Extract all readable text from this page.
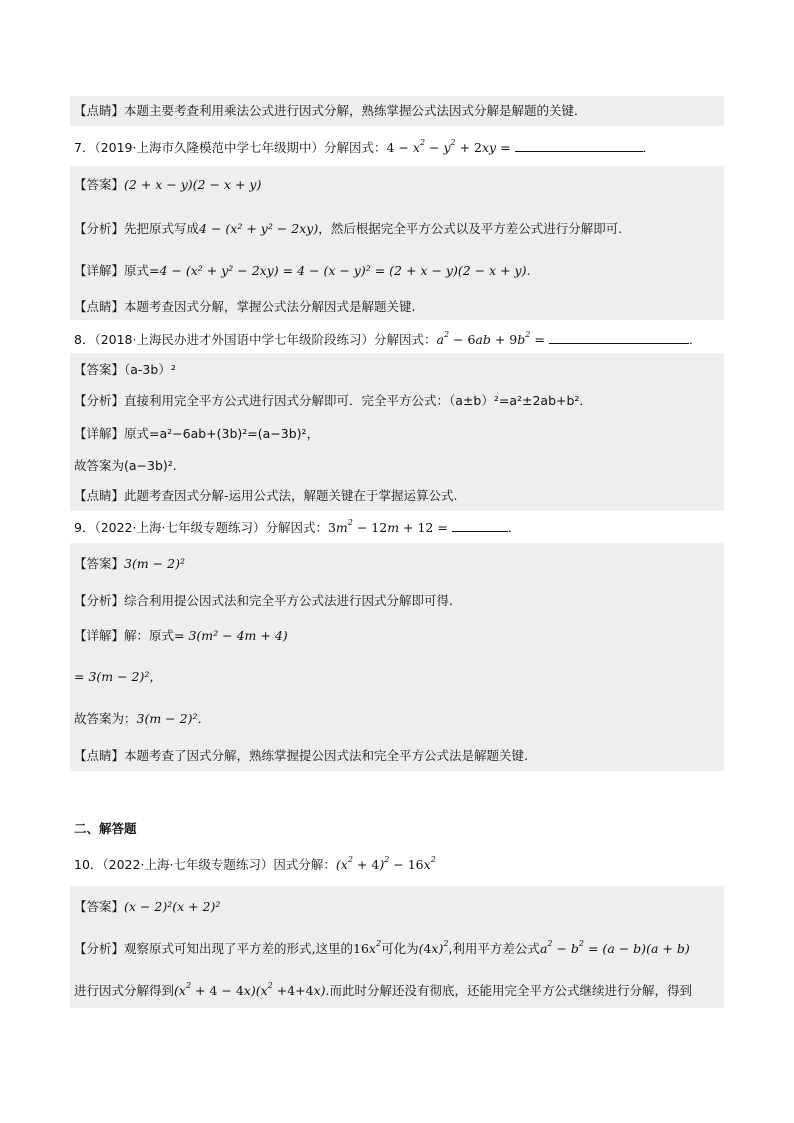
【点睛】本题主要考查利用乘法公式进行因式分解，熟练掌握公式法因式分解是解题的关键．
7．（2019·上海市久隆模范中学七年级期中）分解因式：$4 - x^2 - y^2 + 2xy$ =	．
【答案】(2 + x − y)(2 − x + y)
【分析】先把原式写成4 − (x² + y² − 2xy)，然后根据完全平方公式以及平方差公式进行分解即可.
【详解】原式=4 − (x² + y² − 2xy) = 4 − (x − y)² = (2 + x − y)(2 − x + y).
【点睛】本题考查因式分解，掌握公式法分解因式是解题关键.
8．（2018·上海民办进才外国语中学七年级阶段练习）分解因式：$a^2 - 6ab + 9b^2$ =	.
【答案】（a-3b）²
【分析】直接利用完全平方公式进行因式分解即可．完全平方公式：（a±b）²=a²±2ab+b²．
【详解】原式=a²−6ab+(3b)²=(a−3b)²，
故答案为(a−3b)².
【点睛】此题考查因式分解-运用公式法，解题关键在于掌握运算公式.
9．（2022·上海·七年级专题练习）分解因式：$3m^2 - 12m + 12$ =	．
【答案】3(m − 2)²
【分析】综合利用提公因式法和完全平方公式法进行因式分解即可得．
【详解】解：原式= 3(m² − 4m + 4)
= 3(m − 2)²，
故答案为：3(m − 2)²．
【点睛】本题考查了因式分解，熟练掌握提公因式法和完全平方公式法是解题关键．
二、解答题
10．（2022·上海·七年级专题练习）因式分解：$(x^2 + 4)^2 - 16x^2$
【答案】(x − 2)²(x + 2)²
【分析】观察原式可知出现了平方差的形式,这里的$16x^2$可化为$(4x)^2$,利用平方差公式$a^2 - b^2 = (a - b)(a + b)$
进行因式分解得到$(x^2 + 4 - 4x)(x^2 +4+4x)$.而此时分解还没有彻底，还能用完全平方公式继续进行分解，得到
